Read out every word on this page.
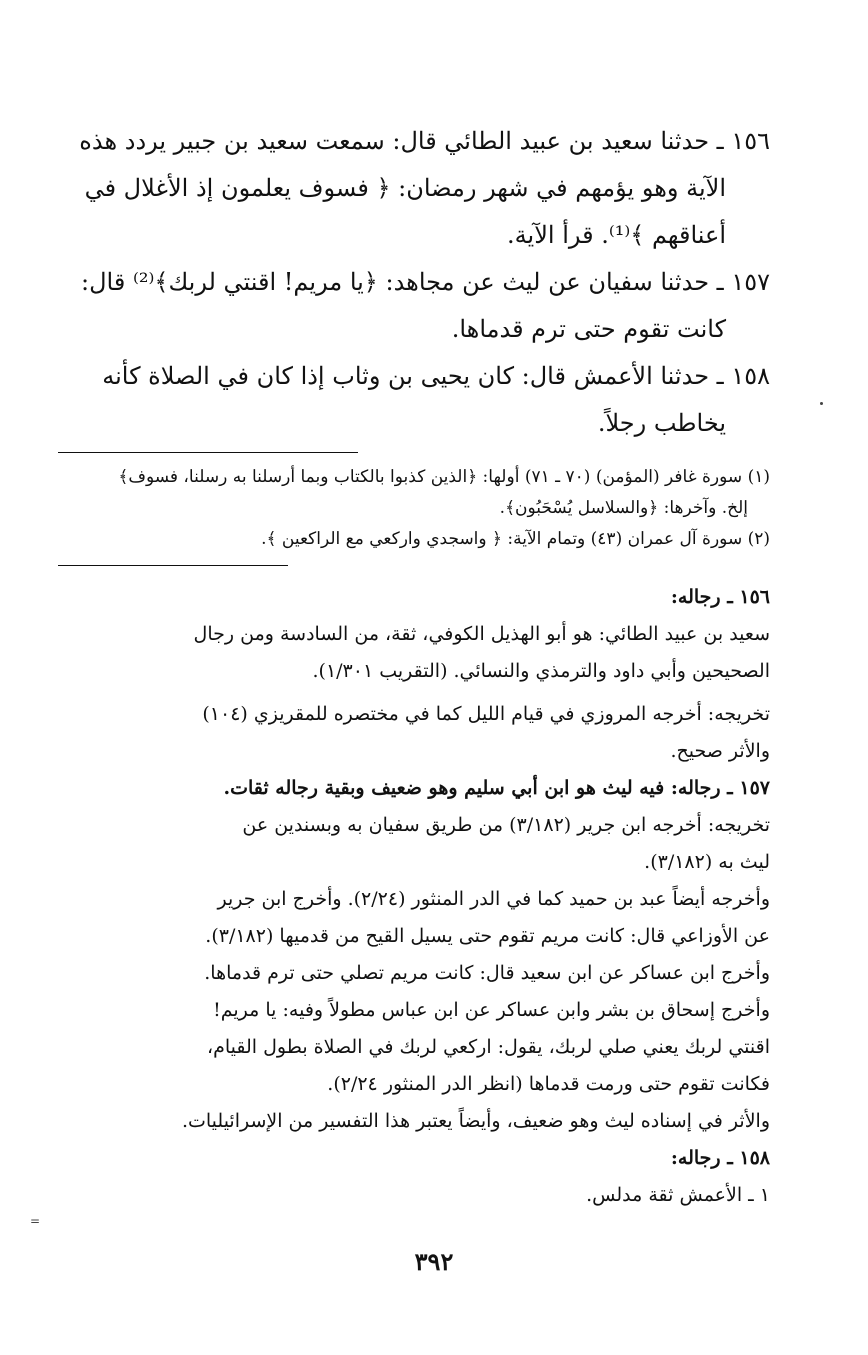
١٥٦ ـ حدثنا سعيد بن عبيد الطائي قال: سمعت سعيد بن جبير يردد هذه

الآية وهو يؤمهم في شهر رمضان: ﴿ فسوف يعلمون إذ الأغلال في

أعناقهم ﴾⁽¹⁾. قرأ الآية.

١٥٧ ـ حدثنا سفيان عن ليث عن مجاهد: ﴿يا مريم! اقنتي لربك﴾⁽²⁾ قال:

كانت تقوم حتى ترم قدماها.

١٥٨ ـ حدثنا الأعمش قال: كان يحيى بن وثاب إذا كان في الصلاة كأنه

يخاطب رجلاً.

(١) سورة غافر (المؤمن) (٧٠ ـ ٧١) أولها: ﴿الذين كذبوا بالكتاب وبما أرسلنا به رسلنا، فسوف﴾

إلخ. وآخرها: ﴿والسلاسل يُسْحَبُون﴾.

(٢) سورة آل عمران (٤٣) وتمام الآية: ﴿ واسجدي واركعي مع الراكعين ﴾.

١٥٦ ـ رجاله:

سعيد بن عبيد الطائي: هو أبو الهذيل الكوفي، ثقة، من السادسة ومن رجال

الصحيحين وأبي داود والترمذي والنسائي. (التقريب ١/٣٠١).

تخريجه: أخرجه المروزي في قيام الليل كما في مختصره للمقريزي (١٠٤)

والأثر صحيح.

١٥٧ ـ رجاله: فيه ليث هو ابن أبي سليم وهو ضعيف وبقية رجاله ثقات.

تخريجه: أخرجه ابن جرير (٣/١٨٢) من طريق سفيان به وبسندين عن

ليث به (٣/١٨٢).

وأخرجه أيضاً عبد بن حميد كما في الدر المنثور (٢/٢٤). وأخرج ابن جرير

عن الأوزاعي قال: كانت مريم تقوم حتى يسيل القيح من قدميها (٣/١٨٢).

وأخرج ابن عساكر عن ابن سعيد قال: كانت مريم تصلي حتى ترم قدماها.

وأخرج إسحاق بن بشر وابن عساكر عن ابن عباس مطولاً وفيه: يا مريم!

اقنتي لربك يعني صلي لربك، يقول: اركعي لربك في الصلاة بطول القيام،

فكانت تقوم حتى ورمت قدماها (انظر الدر المنثور ٢/٢٤).

والأثر في إسناده ليث وهو ضعيف، وأيضاً يعتبر هذا التفسير من الإسرائيليات.

١٥٨ ـ رجاله:

١ ـ الأعمش ثقة مدلس.

=
٣٩٢
